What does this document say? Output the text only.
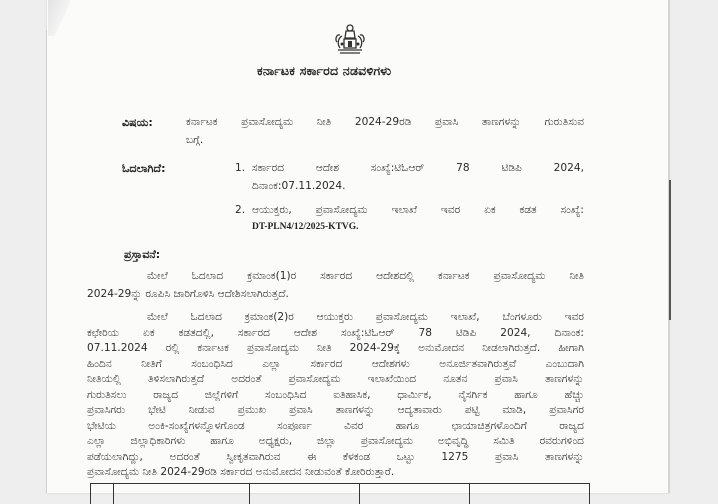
ಕರ್ನಾಟಕ ಸರ್ಕಾರದ ನಡವಳಿಗಳು
ವಿಷಯ:	ಕರ್ನಾಟಕ ಪ್ರವಾಸೋದ್ಯಮ ನೀತಿ 2024-29ರಡಿ ಪ್ರವಾಸಿ ತಾಣಗಳನ್ನು ಗುರುತಿಸುವ
ಬಗ್ಗೆ.
ಓದಲಾಗಿದೆ:	1. ಸರ್ಕಾರದ ಆದೇಶ ಸಂಖ್ಯೆ:ಟಿಓಆರ್ 78 ಟಿಡಿಪಿ 2024,
ದಿನಾಂಕ:07.11.2024.
2. ಆಯುಕ್ತರು, ಪ್ರವಾಸೋದ್ಯಮ ಇಲಾಖೆ ಇವರ ಏಕ ಕಡತ ಸಂಖ್ಯೆ:
DT-PLN4/12/2025-KTVG.
ಪ್ರಸ್ತಾವನೆ:
ಮೇಲೆ ಓದಲಾದ ಕ್ರಮಾಂಕ(1)ರ ಸರ್ಕಾರದ ಆದೇಶದಲ್ಲಿ ಕರ್ನಾಟಕ ಪ್ರವಾಸೋದ್ಯಮ ನೀತಿ
2024-29ನ್ನು ರೂಪಿಸಿ ಜಾರಿಗೊಳಿಸಿ ಆದೇಶಿಸಲಾಗಿರುತ್ತದೆ.
ಮೇಲೆ ಓದಲಾದ ಕ್ರಮಾಂಕ(2)ರ ಆಯುಕ್ತರು ಪ್ರವಾಸೋದ್ಯಮ ಇಲಾಖೆ, ಬೆಂಗಳೂರು ಇವರ
ಕಛೇರಿಯ ಏಕ ಕಡತದಲ್ಲಿ, ಸರ್ಕಾರದ ಆದೇಶ ಸಂಖ್ಯೆ:ಟಿಓಆರ್ 78 ಟಿಡಿಪಿ 2024, ದಿನಾಂಕ:
07.11.2024 ರಲ್ಲಿ ಕರ್ನಾಟಕ ಪ್ರವಾಸೋದ್ಯಮ ನೀತಿ 2024-29ಕ್ಕೆ ಅನುಮೋದನ ನೀಡಲಾಗಿರುತ್ತದೆ. ಹೀಗಾಗಿ
ಹಿಂದಿನ ನೀತಿಗೆ ಸಂಬಂಧಿಸಿದ ಎಲ್ಲಾ ಸರ್ಕಾರದ ಆದೇಶಗಳು ಅನೂರ್ಜಿತವಾಗಿರುತ್ತವೆ ಎಂಬುದಾಗಿ
ನೀತಿಯಲ್ಲಿ ತಿಳಿಸಲಾಗಿರುತ್ತದೆ ಅದರಂತೆ ಪ್ರವಾಸೋದ್ಯಮ ಇಲಾಖೆಯಿಂದ ನೂತನ ಪ್ರವಾಸಿ ತಾಣಗಳನ್ನು
ಗುರುತಿಸಲು ರಾಜ್ಯದ ಜಿಲ್ಲೆಗಳಿಗೆ ಸಂಬಂಧಿಸಿದ ಐತಿಹಾಸಿಕ, ಧಾರ್ಮಿಕ, ನೈಸರ್ಗಿಕ ಹಾಗೂ ಹೆಚ್ಚು
ಪ್ರವಾಸಿಗರು ಭೇಟಿ ನೀಡುವ ಪ್ರಮುಖ ಪ್ರವಾಸಿ ತಾಣಗಳನ್ನು ಆದ್ಯತಾವಾರು ಪಟ್ಟಿ ಮಾಡಿ, ಪ್ರವಾಸಿಗರ
ಭೇಟಿಯ ಅಂಕಿ-ಸಂಖ್ಯೆಗಳನ್ನೊಳಗೊಂಡ ಸಂಪೂರ್ಣ ವಿವರ ಹಾಗೂ ಛಾಯಾಚಿತ್ರಗಳೊಂದಿಗೆ ರಾಜ್ಯದ
ಎಲ್ಲಾ ಜಿಲ್ಲಾಧಿಕಾರಿಗಳು ಹಾಗೂ ಅಧ್ಯಕ್ಷರು, ಜಿಲ್ಲಾ ಪ್ರವಾಸೋದ್ಯಮ ಅಭಿವೃದ್ಧಿ ಸಮಿತಿ ರವರುಗಳಿಂದ
ಪಡೆಯಲಾಗಿದ್ದು, ಅದರಂತೆ ಸ್ವೀಕೃತವಾಗಿರುವ ಈ ಕೆಳಕಂಡ ಒಟ್ಟು 1275 ಪ್ರವಾಸಿ ತಾಣಗಳನ್ನು
ಪ್ರವಾಸೋದ್ಯಮ ನೀತಿ 2024-29ರಡಿ ಸರ್ಕಾರದ ಅನುಮೋದನ ನೀಡುವಂತೆ ಕೋರಿರುತ್ತಾರೆ.
